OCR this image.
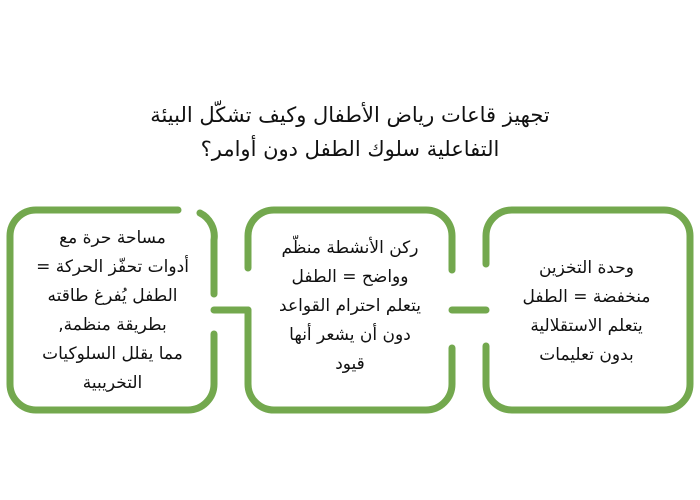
تجهيز قاعات رياض الأطفال وكيف تشكّل البيئة
التفاعلية سلوك الطفل دون أوامر؟
مساحة حرة مع
أدوات تحفّز الحركة =
الطفل يُفرغ طاقته
بطريقة منظمة,
مما يقلل السلوكيات
التخريبية
ركن الأنشطة منظّم
وواضح = الطفل
يتعلم احترام القواعد
دون أن يشعر أنها
قيود
وحدة التخزين
منخفضة = الطفل
يتعلم الاستقلالية
بدون تعليمات
